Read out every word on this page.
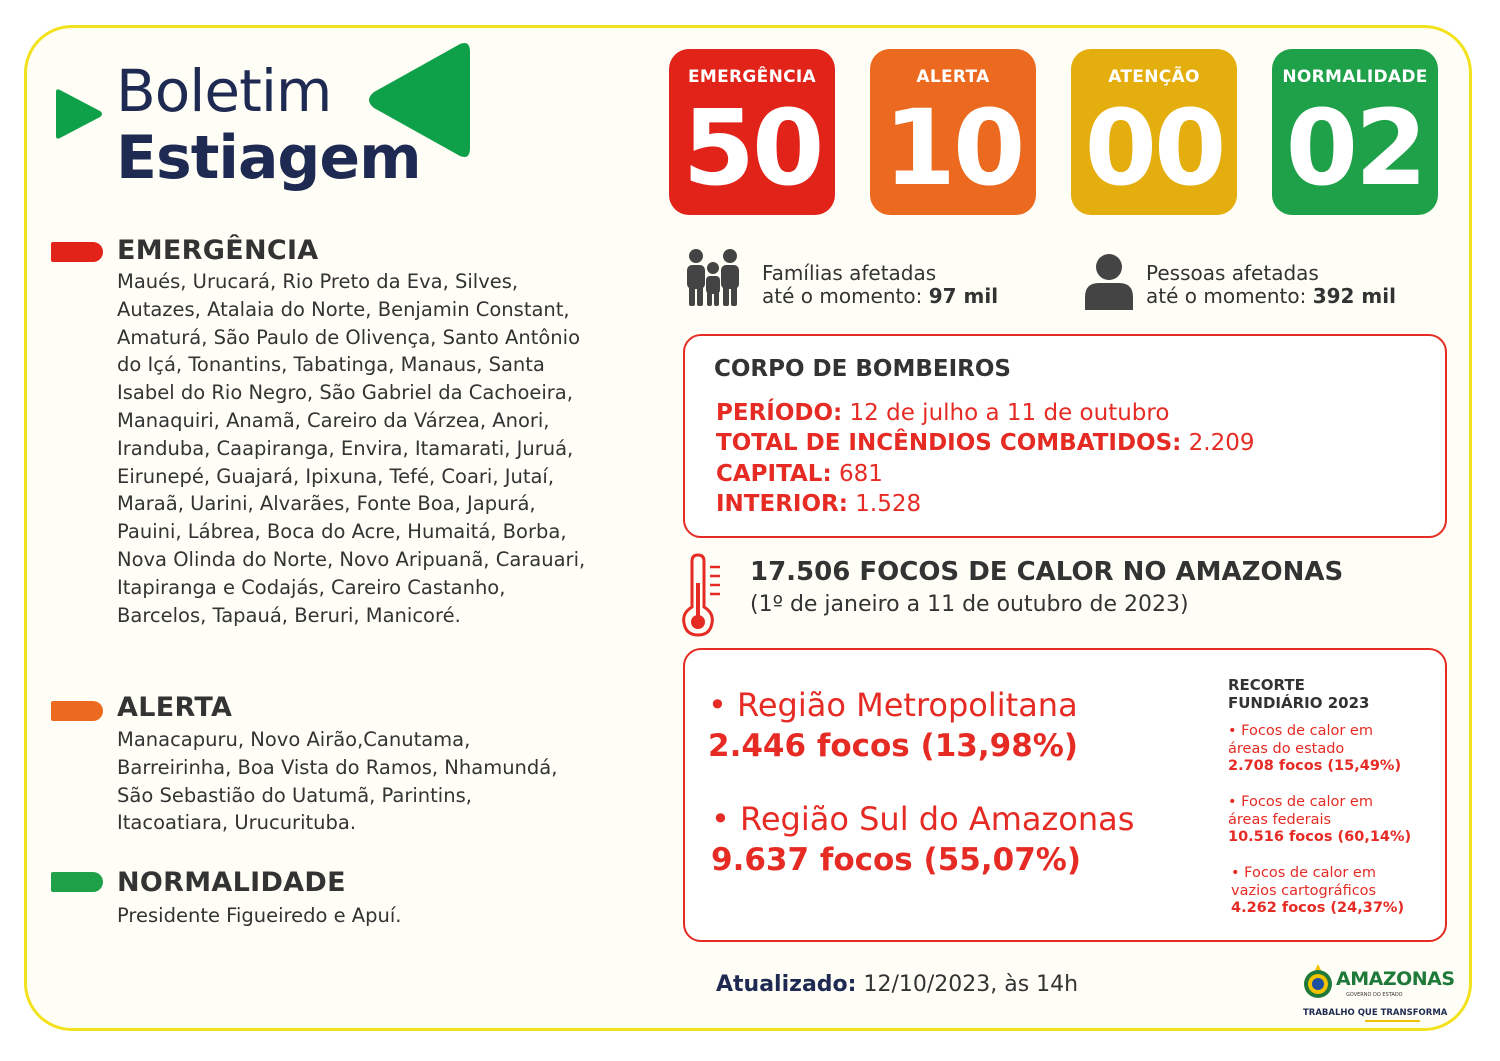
Boletim
Estiagem
EMERGÊNCIA
50
ALERTA
10
ATENÇÃO
00
NORMALIDADE
02
EMERGÊNCIA
Maués, Urucará, Rio Preto da Eva, Silves, Autazes, Atalaia do Norte, Benjamin Constant, Amaturá, São Paulo de Olivença, Santo Antônio do Içá, Tonantins, Tabatinga, Manaus, Santa Isabel do Rio Negro, São Gabriel da Cachoeira, Manaquiri, Anamã, Careiro da Várzea, Anori, Iranduba, Caapiranga, Envira, Itamarati, Juruá, Eirunepé, Guajará, Ipixuna, Tefé, Coari, Jutaí, Maraã, Uarini, Alvarães, Fonte Boa, Japurá, Pauini, Lábrea, Boca do Acre, Humaitá, Borba, Nova Olinda do Norte, Novo Aripuanã, Carauari, Itapiranga e Codajás, Careiro Castanho, Barcelos, Tapauá, Beruri, Manicoré.
ALERTA
Manacapuru, Novo Airão,Canutama, Barreirinha, Boa Vista do Ramos, Nhamundá, São Sebastião do Uatumã, Parintins, Itacoatiara, Urucurituba.
NORMALIDADE
Presidente Figueiredo e Apuí.
Famílias afetadas
até o momento: 97 mil
Pessoas afetadas
até o momento: 392 mil
CORPO DE BOMBEIROS
PERÍODO: 12 de julho a 11 de outubro
TOTAL DE INCÊNDIOS COMBATIDOS: 2.209
CAPITAL: 681
INTERIOR: 1.528
17.506 FOCOS DE CALOR NO AMAZONAS
(1º de janeiro a 11 de outubro de 2023)
• Região Metropolitana
2.446 focos (13,98%)
• Região Sul do Amazonas
9.637 focos (55,07%)
RECORTE
FUNDIÁRIO 2023
• Focos de calor em
áreas do estado
2.708 focos (15,49%)
• Focos de calor em
áreas federais
10.516 focos (60,14%)
• Focos de calor em
vazios cartográficos
4.262 focos (24,37%)
Atualizado: 12/10/2023, às 14h	AMAZONAS
GOVERNO DO ESTADO
TRABALHO QUE TRANSFORMA
